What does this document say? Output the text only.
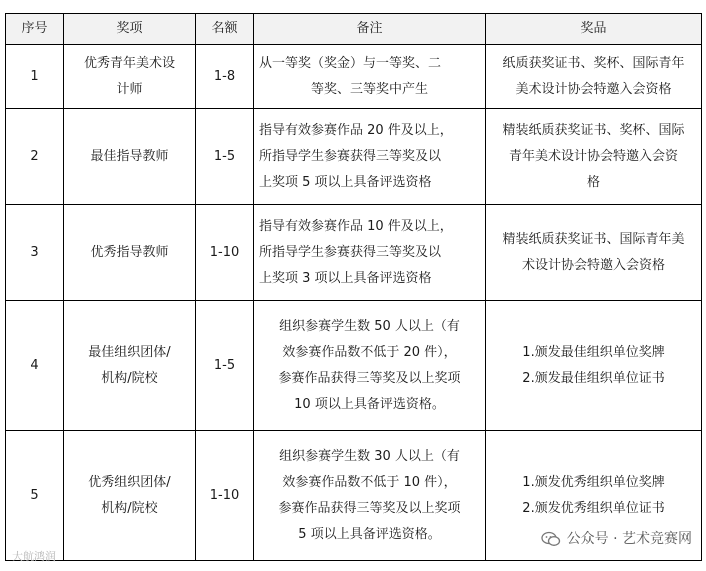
序号	奖项	名额	备注	奖品
1	优秀青年美术设
计师	1-8	从一等奖（奖金）与一等奖、二
等奖、三等奖中产生	纸质获奖证书、奖杯、国际青年
美术设计协会特邀入会资格

2	最佳指导教师	1-5	指导有效参赛作品 20 件及以上，
所指导学生参赛获得三等奖及以
上奖项 5 项以上具备评选资格	精装纸质获奖证书、奖杯、国际
青年美术设计协会特邀入会资
格

3	优秀指导教师	1-10	指导有效参赛作品 10 件及以上，
所指导学生参赛获得三等奖及以
上奖项 3 项以上具备评选资格	精装纸质获奖证书、国际青年美
术设计协会特邀入会资格

4	最佳组织团体/
机构/院校	1-5	组织参赛学生数 50 人以上（有
效参赛作品数不低于 20 件），
参赛作品获得三等奖及以上奖项
10 项以上具备评选资格。	1.颁发最佳组织单位奖牌
2.颁发最佳组织单位证书

5	优秀组织团体/
机构/院校	1-10	组织参赛学生数 30 人以上（有
效参赛作品数不低于 10 件），
参赛作品获得三等奖及以上奖项
5 项以上具备评选资格。	1.颁发优秀组织单位奖牌
2.颁发优秀组织单位证书
大航鸿润
公众号 · 艺术竞赛网
